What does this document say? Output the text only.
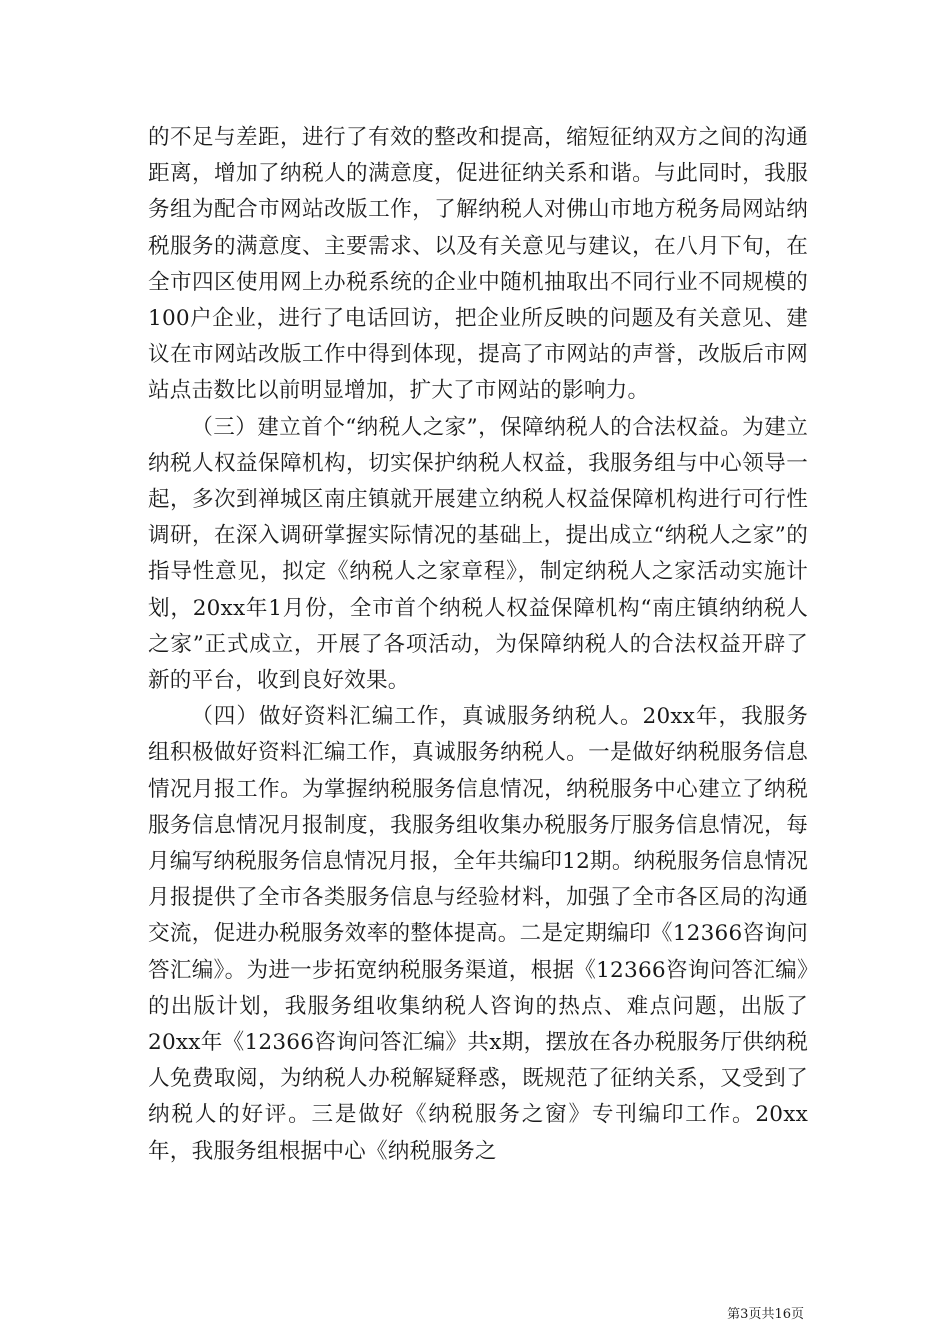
的不足与差距，进行了有效的整改和提高，缩短征纳双方之间的沟通距离，增加了纳税人的满意度，促进征纳关系和谐。与此同时，我服务组为配合市网站改版工作，了解纳税人对佛山市地方税务局网站纳税服务的满意度、主要需求、以及有关意见与建议，在八月下旬，在全市四区使用网上办税系统的企业中随机抽取出不同行业不同规模的100户企业，进行了电话回访，把企业所反映的问题及有关意见、建议在市网站改版工作中得到体现，提高了市网站的声誉，改版后市网站点击数比以前明显增加，扩大了市网站的影响力。

（三）建立首个“纳税人之家”，保障纳税人的合法权益。为建立纳税人权益保障机构，切实保护纳税人权益，我服务组与中心领导一起，多次到禅城区南庄镇就开展建立纳税人权益保障机构进行可行性调研，在深入调研掌握实际情况的基础上，提出成立“纳税人之家”的指导性意见，拟定《纳税人之家章程》，制定纳税人之家活动实施计划，20xx年1月份，全市首个纳税人权益保障机构“南庄镇纳纳税人之家”正式成立，开展了各项活动，为保障纳税人的合法权益开辟了新的平台，收到良好效果。

（四）做好资料汇编工作，真诚服务纳税人。20xx年，我服务组积极做好资料汇编工作，真诚服务纳税人。一是做好纳税服务信息情况月报工作。为掌握纳税服务信息情况，纳税服务中心建立了纳税服务信息情况月报制度，我服务组收集办税服务厅服务信息情况，每月编写纳税服务信息情况月报，全年共编印12期。纳税服务信息情况月报提供了全市各类服务信息与经验材料，加强了全市各区局的沟通交流，促进办税服务效率的整体提高。二是定期编印《12366咨询问答汇编》。为进一步拓宽纳税服务渠道，根据《12366咨询问答汇编》的出版计划，我服务组收集纳税人咨询的热点、难点问题，出版了20xx年《12366咨询问答汇编》共x期，摆放在各办税服务厅供纳税人免费取阅，为纳税人办税解疑释惑，既规范了征纳关系，又受到了纳税人的好评。三是做好《纳税服务之窗》专刊编印工作。20xx年，我服务组根据中心《纳税服务之

第3页共16页
